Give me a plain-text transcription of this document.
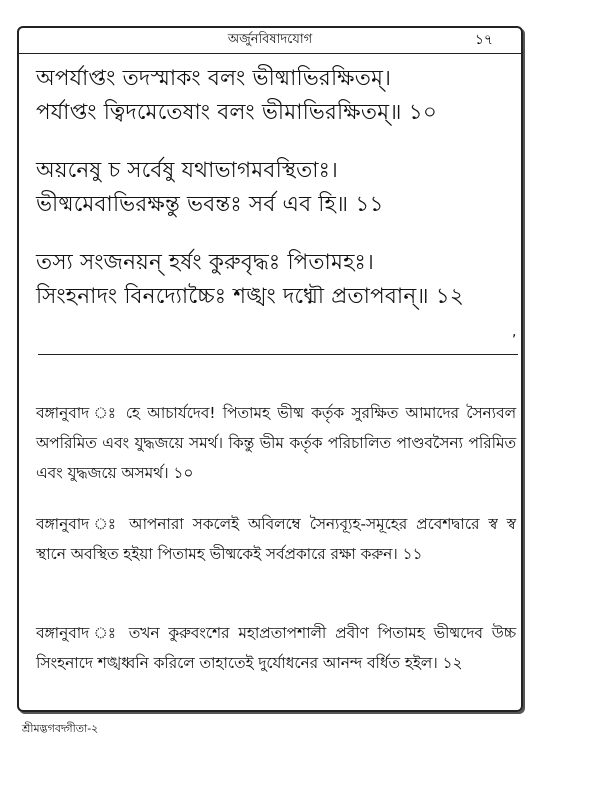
অর্জুনবিষাদযোগ	১৭
অপর্যাপ্তং তদস্মাকং বলং ভীষ্মাভিরক্ষিতম্।
পর্যাপ্তং ত্বিদমেতেষাং বলং ভীমাভিরক্ষিতম্॥ ১০
অয়নেষু চ সর্বেষু যথাভাগমবস্থিতাঃ।
ভীষ্মমেবাভিরক্ষন্তু ভবন্তঃ সর্ব এব হি॥ ১১
তস্য সংজনয়ন্ হর্ষং কুরুবৃদ্ধঃ পিতামহঃ।
সিংহনাদং বিনদ্যোচ্চৈঃ শঙ্খং দধ্মৌ প্রতাপবান্॥ ১২
,
বঙ্গানুবাদ ঃ হে আচার্যদেব! পিতামহ ভীষ্ম কর্তৃক সুরক্ষিত আমাদের সৈন্যবল অপরিমিত এবং যুদ্ধজয়ে সমর্থ। কিন্তু ভীম কর্তৃক পরিচালিত পাণ্ডবসৈন্য পরিমিত এবং যুদ্ধজয়ে অসমর্থ। ১০
বঙ্গানুবাদ ঃ আপনারা সকলেই অবিলম্বে সৈন্যব্যূহ-সমূহের প্রবেশদ্বারে স্ব স্ব স্থানে অবস্থিত হইয়া পিতামহ ভীষ্মকেই সর্বপ্রকারে রক্ষা করুন। ১১
বঙ্গানুবাদ ঃ তখন কুরুবংশের মহাপ্রতাপশালী প্রবীণ পিতামহ ভীষ্মদেব উচ্চ সিংহনাদে শঙ্খধ্বনি করিলে তাহাতেই দুর্যোধনের আনন্দ বর্ধিত হইল। ১২
শ্রীমদ্ভগবদ্গীতা-২
